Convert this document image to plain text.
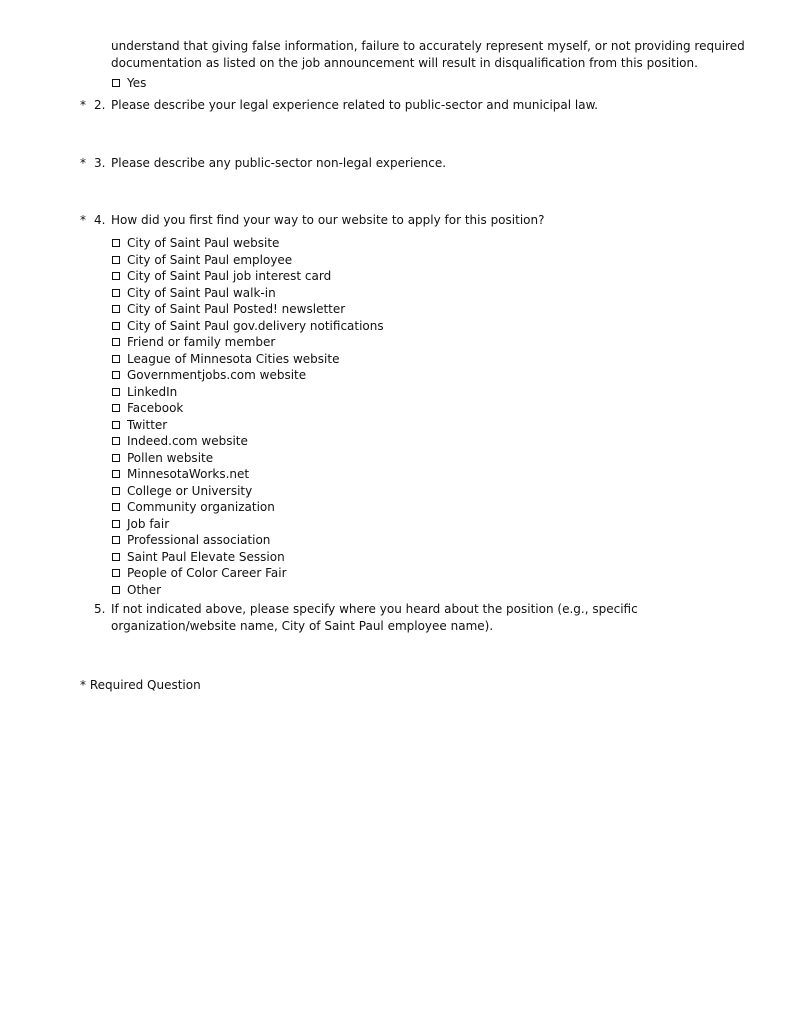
understand that giving false information, failure to accurately represent myself, or not providing required
documentation as listed on the job announcement will result in disqualification from this position.
Yes
* 2. Please describe your legal experience related to public-sector and municipal law.
* 3. Please describe any public-sector non-legal experience.
* 4. How did you first find your way to our website to apply for this position?
City of Saint Paul website
City of Saint Paul employee
City of Saint Paul job interest card
City of Saint Paul walk-in
City of Saint Paul Posted! newsletter
City of Saint Paul gov.delivery notifications
Friend or family member
League of Minnesota Cities website
Governmentjobs.com website
LinkedIn
Facebook
Twitter
Indeed.com website
Pollen website
MinnesotaWorks.net
College or University
Community organization
Job fair
Professional association
Saint Paul Elevate Session
People of Color Career Fair
Other
5. If not indicated above, please specify where you heard about the position (e.g., specific
organization/website name, City of Saint Paul employee name).
* Required Question
